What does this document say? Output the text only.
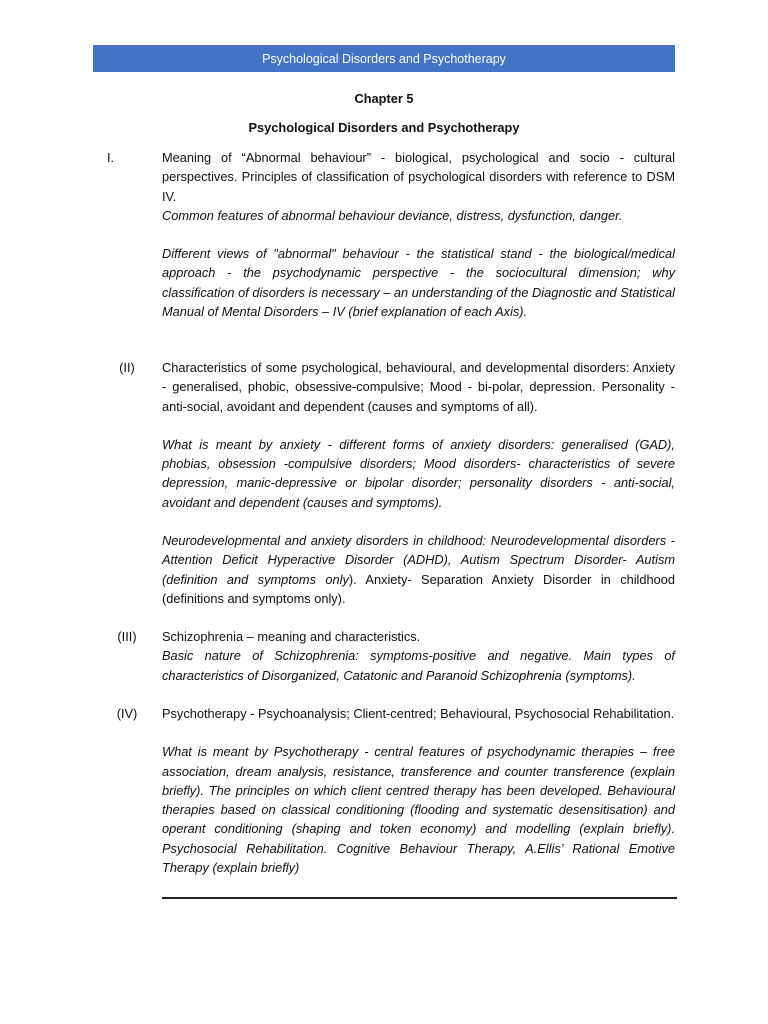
Psychological Disorders and Psychotherapy
Chapter 5
Psychological Disorders and Psychotherapy
I.	Meaning of “Abnormal behaviour” - biological, psychological and socio - cultural perspectives. Principles of classification of psychological disorders with reference to DSM IV.

Common features of abnormal behaviour deviance, distress, dysfunction, danger.

Different views of "abnormal" behaviour - the statistical stand - the biological/medical approach - the psychodynamic perspective - the sociocultural dimension; why classification of disorders is necessary – an understanding of the Diagnostic and Statistical Manual of Mental Disorders – IV (brief explanation of each Axis).

(II)	Characteristics of some psychological, behavioural, and developmental disorders: Anxiety - generalised, phobic, obsessive-compulsive; Mood - bi-polar, depression. Personality - anti-social, avoidant and dependent (causes and symptoms of all).

What is meant by anxiety - different forms of anxiety disorders: generalised (GAD), phobias, obsession -compulsive disorders; Mood disorders- characteristics of severe depression, manic-depressive or bipolar disorder; personality disorders - anti-social, avoidant and dependent (causes and symptoms).

Neurodevelopmental and anxiety disorders in childhood: Neurodevelopmental disorders - Attention Deficit Hyperactive Disorder (ADHD), Autism Spectrum Disorder- Autism (definition and symptoms only). Anxiety- Separation Anxiety Disorder in childhood (definitions and symptoms only).

(III)	Schizophrenia – meaning and characteristics.

Basic nature of Schizophrenia: symptoms-positive and negative. Main types of characteristics of Disorganized, Catatonic and Paranoid Schizophrenia (symptoms).

(IV)	Psychotherapy - Psychoanalysis; Client-centred; Behavioural, Psychosocial Rehabilitation.

What is meant by Psychotherapy - central features of psychodynamic therapies – free association, dream analysis, resistance, transference and counter transference (explain briefly). The principles on which client centred therapy has been developed. Behavioural therapies based on classical conditioning (flooding and systematic desensitisation) and operant conditioning (shaping and token economy) and modelling (explain briefly). Psychosocial Rehabilitation. Cognitive Behaviour Therapy, A.Ellis’ Rational Emotive Therapy (explain briefly)
